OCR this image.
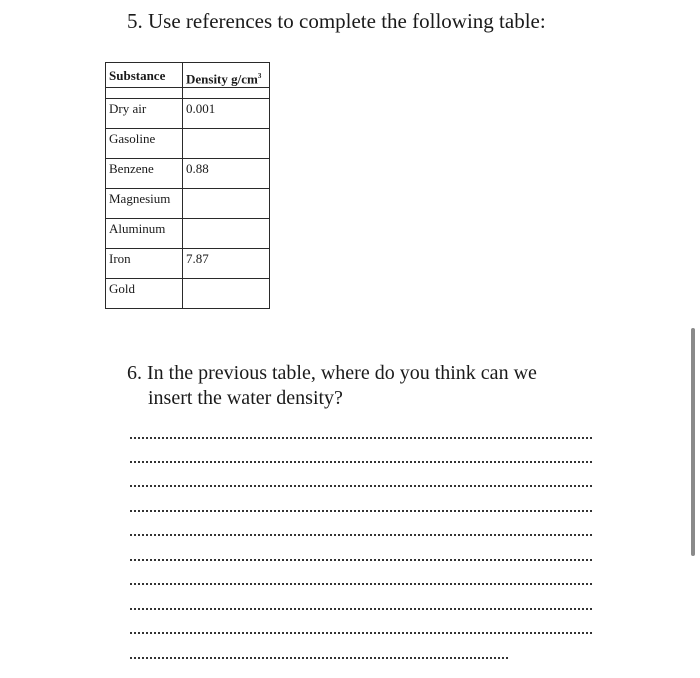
5. Use references to complete the following table:
Substance	Density $g/cm^3$

Dry air	0.001
Gasoline	
Benzene	0.88
Magnesium	
Aluminum	
Iron	7.87
Gold	
6. In the previous table, where do you think can we
insert the water density?
